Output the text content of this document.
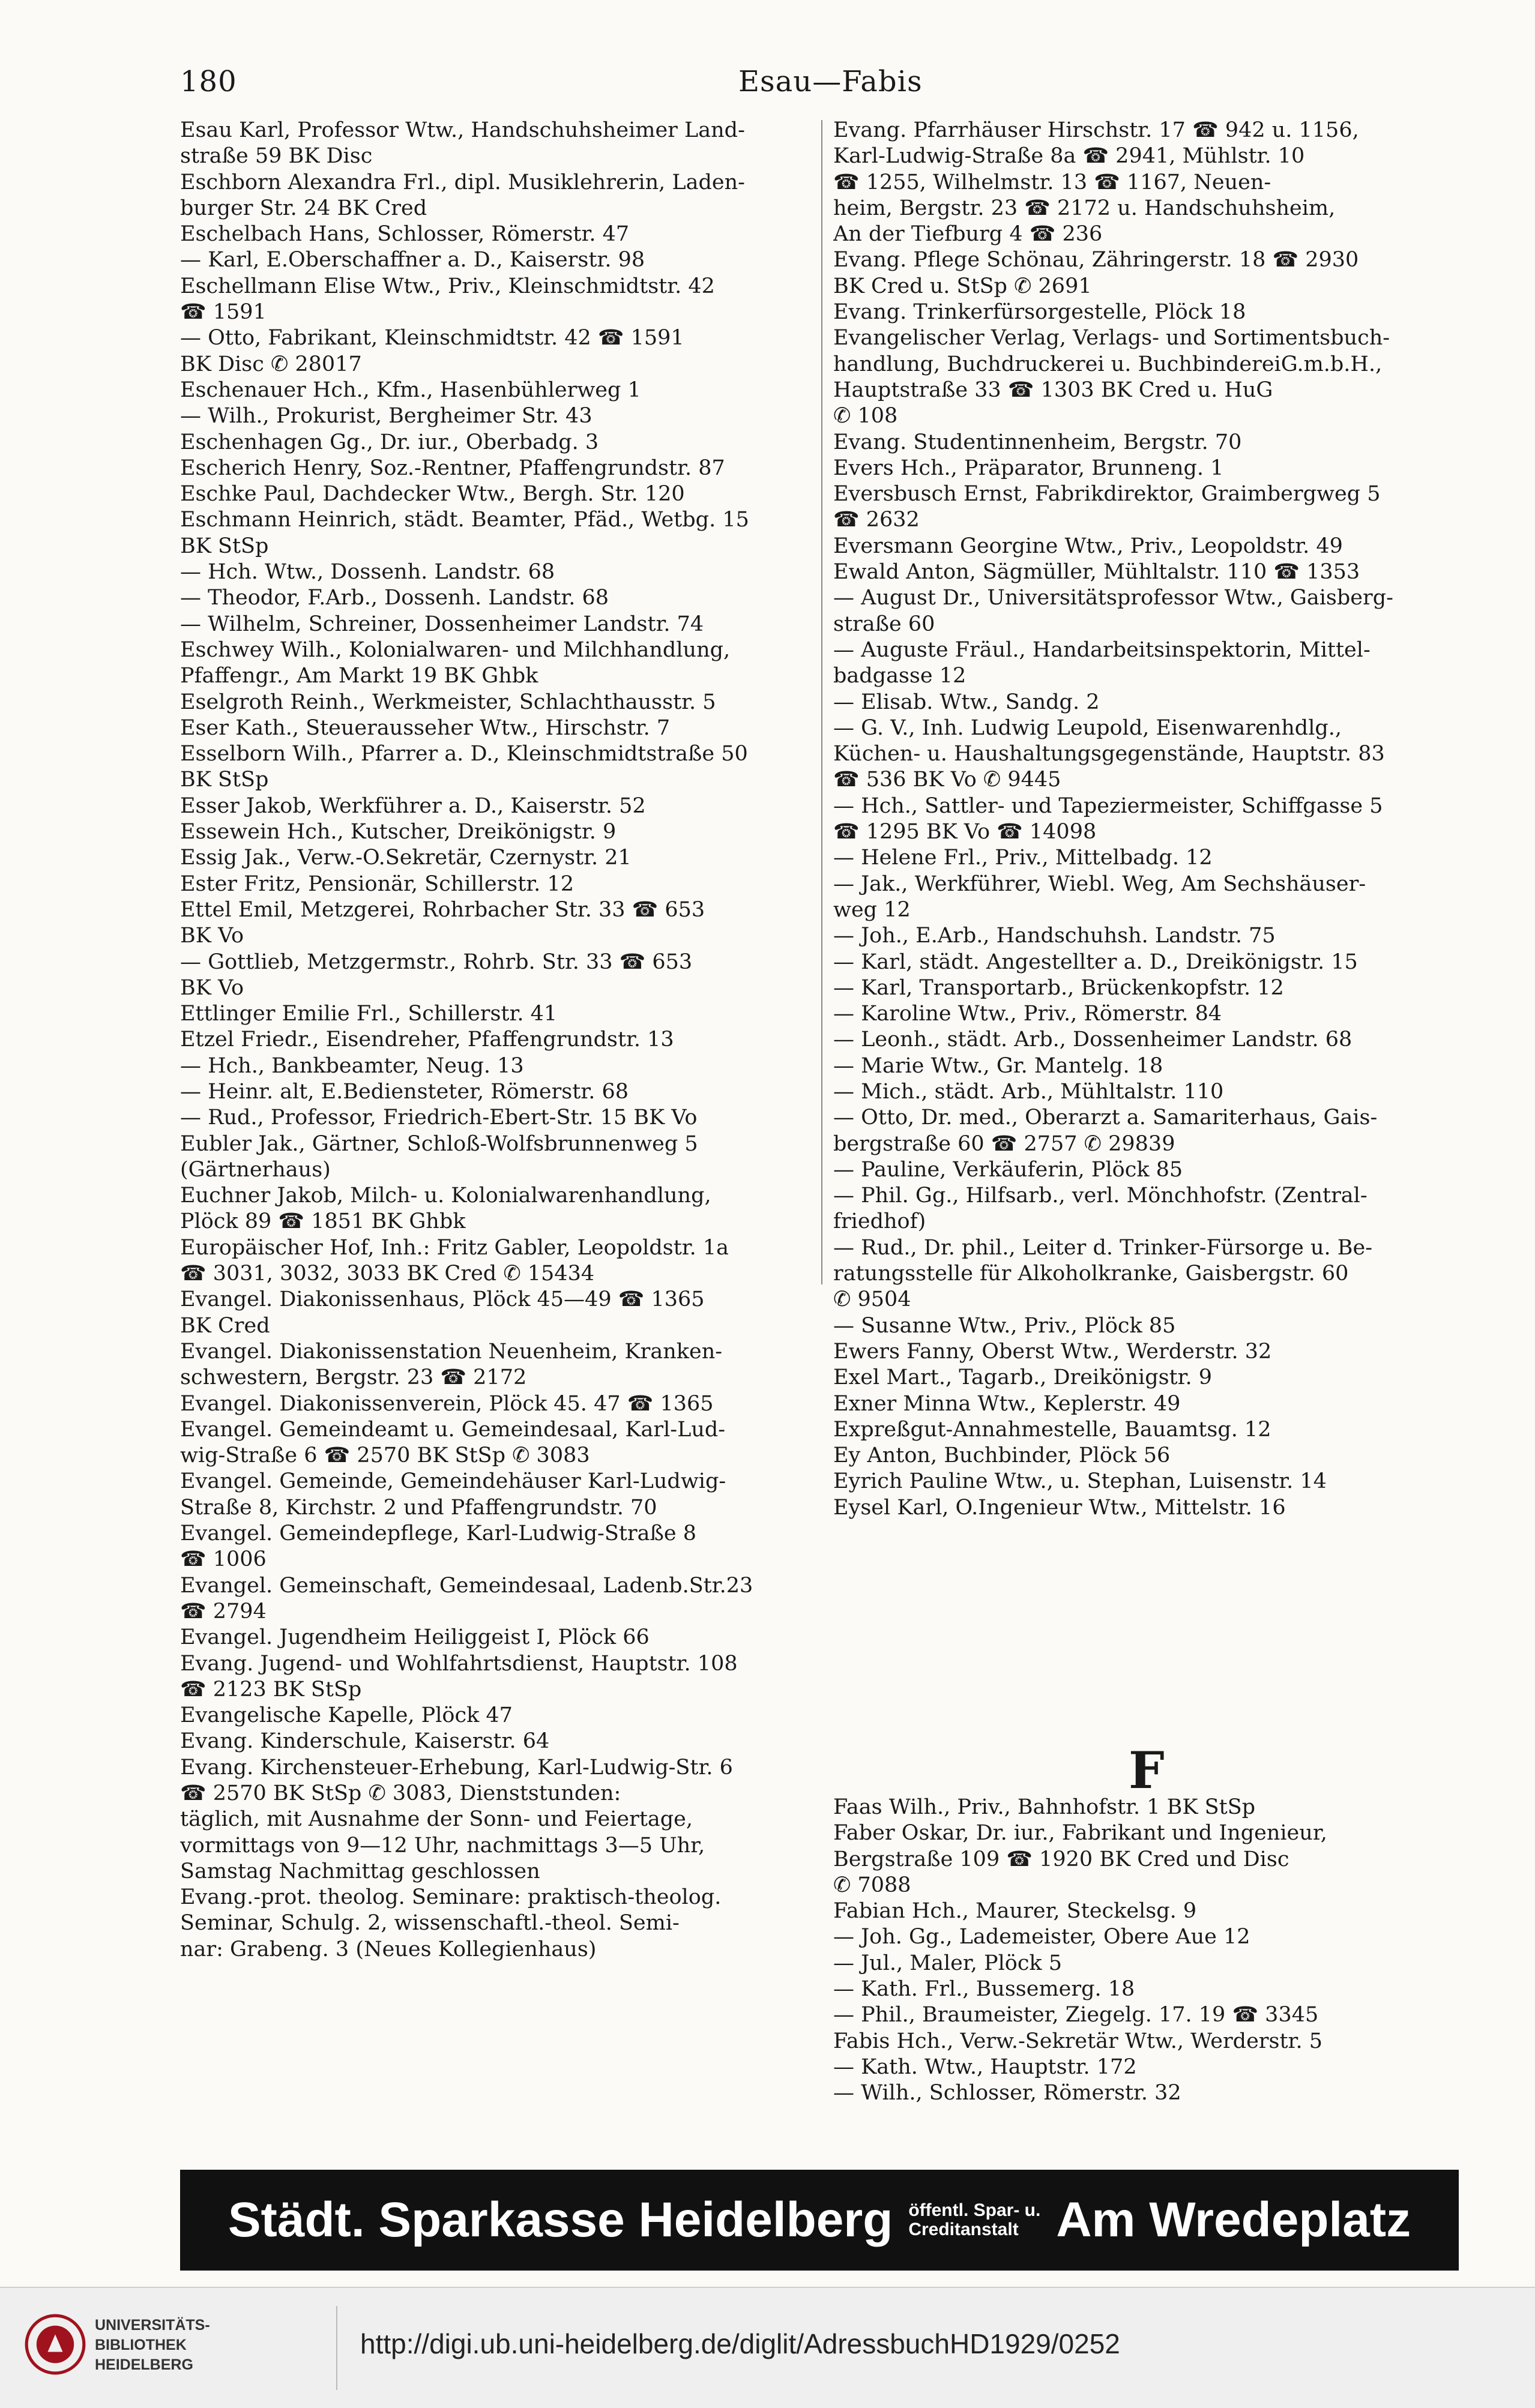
180	Esau—Fabis
Esau Karl, Professor Wtw., Handschuhsheimer Land-
straße 59 BK Disc
Eschborn Alexandra Frl., dipl. Musiklehrerin, Laden-
burger Str. 24 BK Cred
Eschelbach Hans, Schlosser, Römerstr. 47
— Karl, E.Oberschaffner a. D., Kaiserstr. 98
Eschellmann Elise Wtw., Priv., Kleinschmidtstr. 42
☎ 1591
— Otto, Fabrikant, Kleinschmidtstr. 42 ☎ 1591
BK Disc ✆ 28017
Eschenauer Hch., Kfm., Hasenbühlerweg 1
— Wilh., Prokurist, Bergheimer Str. 43
Eschenhagen Gg., Dr. iur., Oberbadg. 3
Escherich Henry, Soz.-Rentner, Pfaffengrundstr. 87
Eschke Paul, Dachdecker Wtw., Bergh. Str. 120
Eschmann Heinrich, städt. Beamter, Pfäd., Wetbg. 15
BK StSp
— Hch. Wtw., Dossenh. Landstr. 68
— Theodor, F.Arb., Dossenh. Landstr. 68
— Wilhelm, Schreiner, Dossenheimer Landstr. 74
Eschwey Wilh., Kolonialwaren- und Milchhandlung,
Pfaffengr., Am Markt 19 BK Ghbk
Eselgroth Reinh., Werkmeister, Schlachthausstr. 5
Eser Kath., Steuerausseher Wtw., Hirschstr. 7
Esselborn Wilh., Pfarrer a. D., Kleinschmidtstraße 50
BK StSp
Esser Jakob, Werkführer a. D., Kaiserstr. 52
Essewein Hch., Kutscher, Dreikönigstr. 9
Essig Jak., Verw.-O.Sekretär, Czernystr. 21
Ester Fritz, Pensionär, Schillerstr. 12
Ettel Emil, Metzgerei, Rohrbacher Str. 33 ☎ 653
BK Vo
— Gottlieb, Metzgermstr., Rohrb. Str. 33 ☎ 653
BK Vo
Ettlinger Emilie Frl., Schillerstr. 41
Etzel Friedr., Eisendreher, Pfaffengrundstr. 13
— Hch., Bankbeamter, Neug. 13
— Heinr. alt, E.Bediensteter, Römerstr. 68
— Rud., Professor, Friedrich-Ebert-Str. 15 BK Vo
Eubler Jak., Gärtner, Schloß-Wolfsbrunnenweg 5
(Gärtnerhaus)
Euchner Jakob, Milch- u. Kolonialwarenhandlung,
Plöck 89 ☎ 1851 BK Ghbk
Europäischer Hof, Inh.: Fritz Gabler, Leopoldstr. 1a
☎ 3031, 3032, 3033 BK Cred ✆ 15434
Evangel. Diakonissenhaus, Plöck 45—49 ☎ 1365
BK Cred
Evangel. Diakonissenstation Neuenheim, Kranken-
schwestern, Bergstr. 23 ☎ 2172
Evangel. Diakonissenverein, Plöck 45. 47 ☎ 1365
Evangel. Gemeindeamt u. Gemeindesaal, Karl-Lud-
wig-Straße 6 ☎ 2570 BK StSp ✆ 3083
Evangel. Gemeinde, Gemeindehäuser Karl-Ludwig-
Straße 8, Kirchstr. 2 und Pfaffengrundstr. 70
Evangel. Gemeindepflege, Karl-Ludwig-Straße 8
☎ 1006
Evangel. Gemeinschaft, Gemeindesaal, Ladenb.Str.23
☎ 2794
Evangel. Jugendheim Heiliggeist I, Plöck 66
Evang. Jugend- und Wohlfahrtsdienst, Hauptstr. 108
☎ 2123 BK StSp
Evangelische Kapelle, Plöck 47
Evang. Kinderschule, Kaiserstr. 64
Evang. Kirchensteuer-Erhebung, Karl-Ludwig-Str. 6
☎ 2570 BK StSp ✆ 3083, Dienststunden:
täglich, mit Ausnahme der Sonn- und Feiertage,
vormittags von 9—12 Uhr, nachmittags 3—5 Uhr,
Samstag Nachmittag geschlossen
Evang.-prot. theolog. Seminare: praktisch-theolog.
Seminar, Schulg. 2, wissenschaftl.-theol. Semi-
nar: Grabeng. 3 (Neues Kollegienhaus)
Evang. Pfarrhäuser Hirschstr. 17 ☎ 942 u. 1156,
Karl-Ludwig-Straße 8a ☎ 2941, Mühlstr. 10
☎ 1255, Wilhelmstr. 13 ☎ 1167, Neuen-
heim, Bergstr. 23 ☎ 2172 u. Handschuhsheim,
An der Tiefburg 4 ☎ 236
Evang. Pflege Schönau, Zähringerstr. 18 ☎ 2930
BK Cred u. StSp ✆ 2691
Evang. Trinkerfürsorgestelle, Plöck 18
Evangelischer Verlag, Verlags- und Sortimentsbuch-
handlung, Buchdruckerei u. BuchbindereiG.m.b.H.,
Hauptstraße 33 ☎ 1303 BK Cred u. HuG
✆ 108
Evang. Studentinnenheim, Bergstr. 70
Evers Hch., Präparator, Brunneng. 1
Eversbusch Ernst, Fabrikdirektor, Graimbergweg 5
☎ 2632
Eversmann Georgine Wtw., Priv., Leopoldstr. 49
Ewald Anton, Sägmüller, Mühltalstr. 110 ☎ 1353
— August Dr., Universitätsprofessor Wtw., Gaisberg-
straße 60
— Auguste Fräul., Handarbeitsinspektorin, Mittel-
badgasse 12
— Elisab. Wtw., Sandg. 2
— G. V., Inh. Ludwig Leupold, Eisenwarenhdlg.,
Küchen- u. Haushaltungsgegenstände, Hauptstr. 83
☎ 536 BK Vo ✆ 9445
— Hch., Sattler- und Tapeziermeister, Schiffgasse 5
☎ 1295 BK Vo ☎ 14098
— Helene Frl., Priv., Mittelbadg. 12
— Jak., Werkführer, Wiebl. Weg, Am Sechshäuser-
weg 12
— Joh., E.Arb., Handschuhsh. Landstr. 75
— Karl, städt. Angestellter a. D., Dreikönigstr. 15
— Karl, Transportarb., Brückenkopfstr. 12
— Karoline Wtw., Priv., Römerstr. 84
— Leonh., städt. Arb., Dossenheimer Landstr. 68
— Marie Wtw., Gr. Mantelg. 18
— Mich., städt. Arb., Mühltalstr. 110
— Otto, Dr. med., Oberarzt a. Samariterhaus, Gais-
bergstraße 60 ☎ 2757 ✆ 29839
— Pauline, Verkäuferin, Plöck 85
— Phil. Gg., Hilfsarb., verl. Mönchhofstr. (Zentral-
friedhof)
— Rud., Dr. phil., Leiter d. Trinker-Fürsorge u. Be-
ratungsstelle für Alkoholkranke, Gaisbergstr. 60
✆ 9504
— Susanne Wtw., Priv., Plöck 85
Ewers Fanny, Oberst Wtw., Werderstr. 32
Exel Mart., Tagarb., Dreikönigstr. 9
Exner Minna Wtw., Keplerstr. 49
Expreßgut-Annahmestelle, Bauamtsg. 12
Ey Anton, Buchbinder, Plöck 56
Eyrich Pauline Wtw., u. Stephan, Luisenstr. 14
Eysel Karl, O.Ingenieur Wtw., Mittelstr. 16
F
Faas Wilh., Priv., Bahnhofstr. 1 BK StSp
Faber Oskar, Dr. iur., Fabrikant und Ingenieur,
Bergstraße 109 ☎ 1920 BK Cred und Disc
✆ 7088
Fabian Hch., Maurer, Steckelsg. 9
— Joh. Gg., Lademeister, Obere Aue 12
— Jul., Maler, Plöck 5
— Kath. Frl., Bussemerg. 18
— Phil., Braumeister, Ziegelg. 17. 19 ☎ 3345
Fabis Hch., Verw.-Sekretär Wtw., Werderstr. 5
— Kath. Wtw., Hauptstr. 172
— Wilh., Schlosser, Römerstr. 32
Städt. Sparkasse Heidelberg öffentl. Spar- u.
Creditanstalt Am Wredeplatz
UNIVERSITÄTS-
BIBLIOTHEK
HEIDELBERG
http://digi.ub.uni-heidelberg.de/diglit/AdressbuchHD1929/0252
